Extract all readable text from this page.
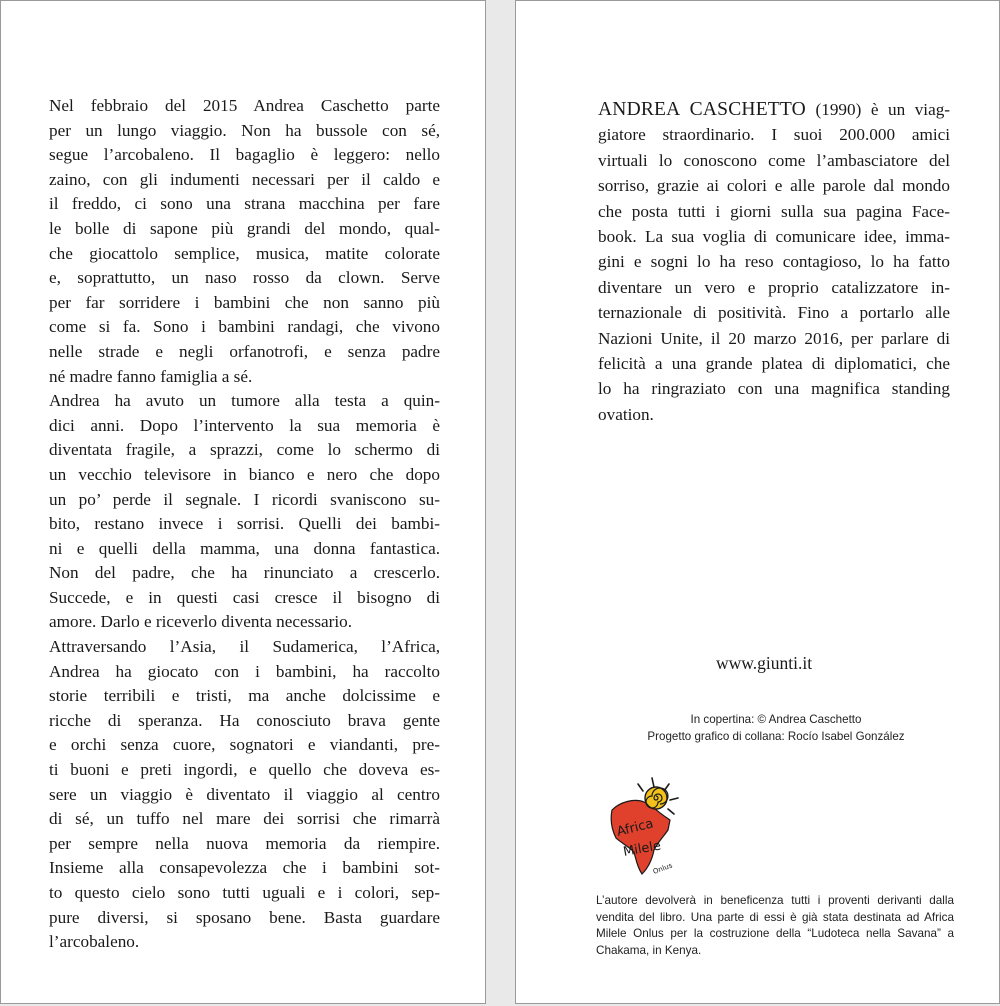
Nel febbraio del 2015 Andrea Caschetto parte
per un lungo viaggio. Non ha bussole con sé,
segue l’arcobaleno. Il bagaglio è leggero: nello
zaino, con gli indumenti necessari per il caldo e
il freddo, ci sono una strana macchina per fare
le bolle di sapone più grandi del mondo, qual-
che giocattolo semplice, musica, matite colorate
e, soprattutto, un naso rosso da clown. Serve
per far sorridere i bambini che non sanno più
come si fa. Sono i bambini randagi, che vivono
nelle strade e negli orfanotrofi, e senza padre
né madre fanno famiglia a sé.
Andrea ha avuto un tumore alla testa a quin-
dici anni. Dopo l’intervento la sua memoria è
diventata fragile, a sprazzi, come lo schermo di
un vecchio televisore in bianco e nero che dopo
un po’ perde il segnale. I ricordi svaniscono su-
bito, restano invece i sorrisi. Quelli dei bambi-
ni e quelli della mamma, una donna fantastica.
Non del padre, che ha rinunciato a crescerlo.
Succede, e in questi casi cresce il bisogno di
amore. Darlo e riceverlo diventa necessario.
Attraversando l’Asia, il Sudamerica, l’Africa,
Andrea ha giocato con i bambini, ha raccolto
storie terribili e tristi, ma anche dolcissime e
ricche di speranza. Ha conosciuto brava gente
e orchi senza cuore, sognatori e viandanti, pre-
ti buoni e preti ingordi, e quello che doveva es-
sere un viaggio è diventato il viaggio al centro
di sé, un tuffo nel mare dei sorrisi che rimarrà
per sempre nella nuova memoria da riempire.
Insieme alla consapevolezza che i bambini sot-
to questo cielo sono tutti uguali e i colori, sep-
pure diversi, si sposano bene. Basta guardare
l’arcobaleno.
ANDREA CASCHETTO (1990) è un viag-
giatore straordinario. I suoi 200.000 amici
virtuali lo conoscono come l’ambasciatore del
sorriso, grazie ai colori e alle parole dal mondo
che posta tutti i giorni sulla sua pagina Face-
book. La sua voglia di comunicare idee, imma-
gini e sogni lo ha reso contagioso, lo ha fatto
diventare un vero e proprio catalizzatore in-
ternazionale di positività. Fino a portarlo alle
Nazioni Unite, il 20 marzo 2016, per parlare di
felicità a una grande platea di diplomatici, che
lo ha ringraziato con una magnifica standing
ovation.
www.giunti.it
In copertina: © Andrea Caschetto
Progetto grafico di collana: Rocío Isabel González
Africa
Milele
Onlus
L’autore devolverà in beneficenza tutti i proventi derivanti dalla
vendita del libro. Una parte di essi è già stata destinata ad Africa
Milele Onlus per la costruzione della “Ludoteca nella Savana” a
Chakama, in Kenya.
